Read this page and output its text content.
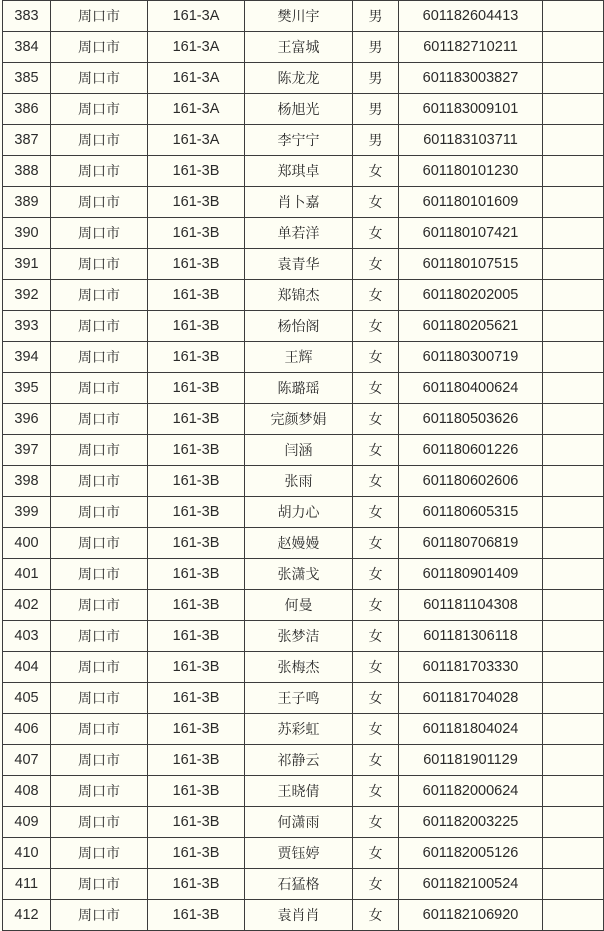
383	周口市	161-3A	樊川宇	男	601182604413	
384	周口市	161-3A	王富城	男	601182710211	
385	周口市	161-3A	陈龙龙	男	601183003827	
386	周口市	161-3A	杨旭光	男	601183009101	
387	周口市	161-3A	李宁宁	男	601183103711	
388	周口市	161-3B	郑琪卓	女	601180101230	
389	周口市	161-3B	肖卜嘉	女	601180101609	
390	周口市	161-3B	单若洋	女	601180107421	
391	周口市	161-3B	袁青华	女	601180107515	
392	周口市	161-3B	郑锦杰	女	601180202005	
393	周口市	161-3B	杨怡阁	女	601180205621	
394	周口市	161-3B	王辉	女	601180300719	
395	周口市	161-3B	陈璐瑶	女	601180400624	
396	周口市	161-3B	完颜梦娟	女	601180503626	
397	周口市	161-3B	闫涵	女	601180601226	
398	周口市	161-3B	张雨	女	601180602606	
399	周口市	161-3B	胡力心	女	601180605315	
400	周口市	161-3B	赵嫚嫚	女	601180706819	
401	周口市	161-3B	张潇戈	女	601180901409	
402	周口市	161-3B	何曼	女	601181104308	
403	周口市	161-3B	张梦洁	女	601181306118	
404	周口市	161-3B	张梅杰	女	601181703330	
405	周口市	161-3B	王子鸣	女	601181704028	
406	周口市	161-3B	苏彩虹	女	601181804024	
407	周口市	161-3B	祁静云	女	601181901129	
408	周口市	161-3B	王晓倩	女	601182000624	
409	周口市	161-3B	何潇雨	女	601182003225	
410	周口市	161-3B	贾钰婷	女	601182005126	
411	周口市	161-3B	石猛格	女	601182100524	
412	周口市	161-3B	袁肖肖	女	601182106920	
